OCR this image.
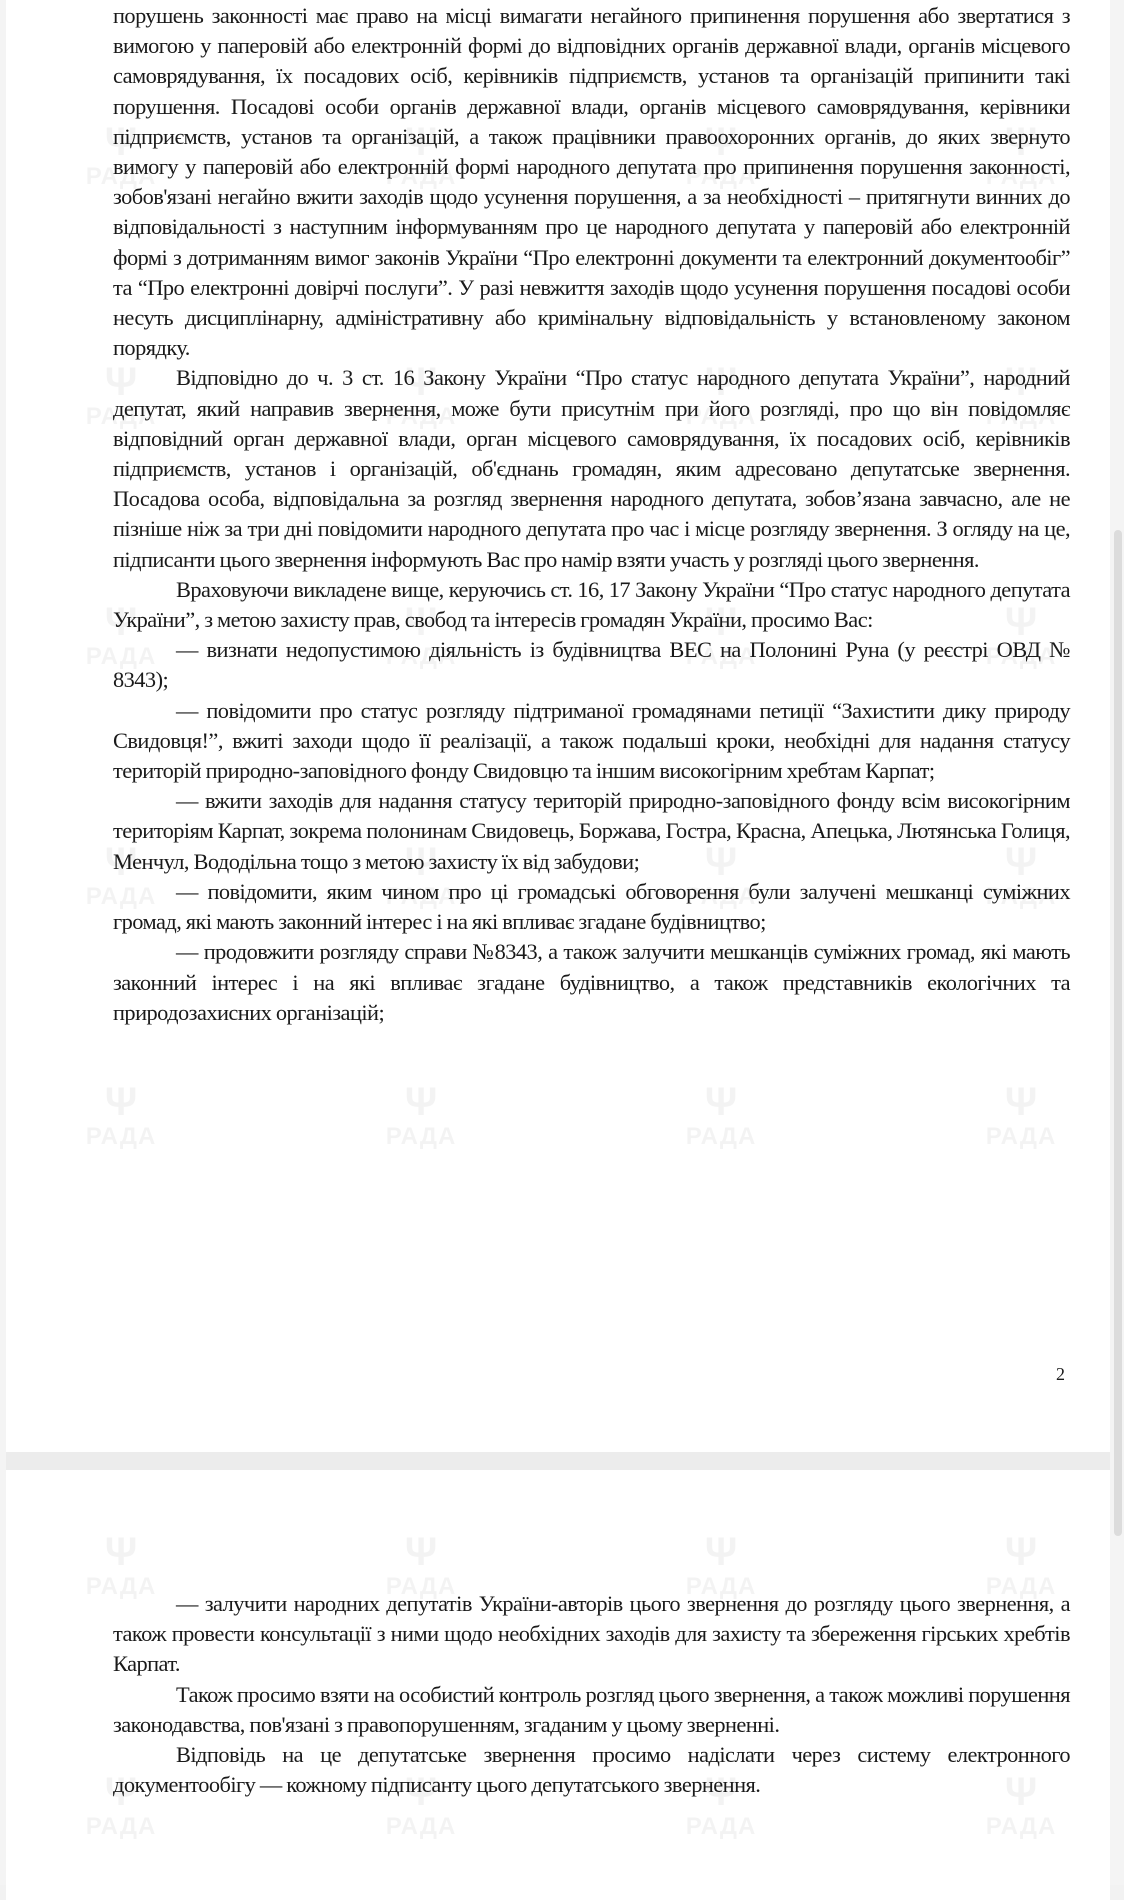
порушень законності має право на місці вимагати негайного припинення порушення або звертатися з вимогою у паперовій або електронній формі до відповідних органів державної влади, органів місцевого самоврядування, їх посадових осіб, керівників підприємств, установ та організацій припинити такі порушення. Посадові особи органів державної влади, органів місцевого самоврядування, керівники підприємств, установ та організацій, а також працівники правоохоронних органів, до яких звернуто вимогу у паперовій або електронній формі народного депутата про припинення порушення законності, зобов'язані негайно вжити заходів щодо усунення порушення, а за необхідності – притягнути винних до відповідальності з наступним інформуванням про це народного депутата у паперовій або електронній формі з дотриманням вимог законів України “Про електронні документи та електронний документообіг” та “Про електронні довірчі послуги”. У разі невжиття заходів щодо усунення порушення посадові особи несуть дисциплінарну, адміністративну або кримінальну відповідальність у встановленому законом порядку.

Відповідно до ч. 3 ст. 16 Закону України “Про статус народного депутата України”, народний депутат, який направив звернення, може бути присутнім при його розгляді, про що він повідомляє відповідний орган державної влади, орган місцевого самоврядування, їх посадових осіб, керівників підприємств, установ і організацій, об'єднань громадян, яким адресовано депутатське звернення. Посадова особа, відповідальна за розгляд звернення народного депутата, зобов’язана завчасно, але не пізніше ніж за три дні повідомити народного депутата про час і місце розгляду звернення. З огляду на це, підписанти цього звернення інформують Вас про намір взяти участь у розгляді цього звернення.

Враховуючи викладене вище, керуючись ст. 16, 17 Закону України “Про статус народного депутата України”, з метою захисту прав, свобод та інтересів громадян України, просимо Вас:

— визнати недопустимою діяльність із будівництва ВЕС на Полонині Руна (у реєстрі ОВД № 8343);

— повідомити про статус розгляду підтриманої громадянами петиції “Захистити дику природу Свидовця!”, вжиті заходи щодо її реалізації, а також подальші кроки, необхідні для надання статусу територій природно-заповідного фонду Свидовцю та іншим високогірним хребтам Карпат;

— вжити заходів для надання статусу територій природно-заповідного фонду всім високогірним територіям Карпат, зокрема полонинам Свидовець, Боржава, Гостра, Красна, Апецька, Лютянська Голиця, Менчул, Вододільна тощо з метою захисту їх від забудови;

— повідомити, яким чином про ці громадські обговорення були залучені мешканці суміжних громад, які мають законний інтерес і на які впливає згадане будівництво;

— продовжити розгляду справи №8343, а також залучити мешканців суміжних громад, які мають законний інтерес і на які впливає згадане будівництво, а також представників екологічних та природозахисних організацій;

2

— залучити народних депутатів України-авторів цього звернення до розгляду цього звернення, а також провести консультації з ними щодо необхідних заходів для захисту та збереження гірських хребтів Карпат.

Також просимо взяти на особистий контроль розгляд цього звернення, а також можливі порушення законодавства, пов'язані з правопорушенням, згаданим у цьому зверненні.

Відповідь на це депутатське звернення просимо надіслати через систему електронного документообігу — кожному підписанту цього депутатського звернення.
